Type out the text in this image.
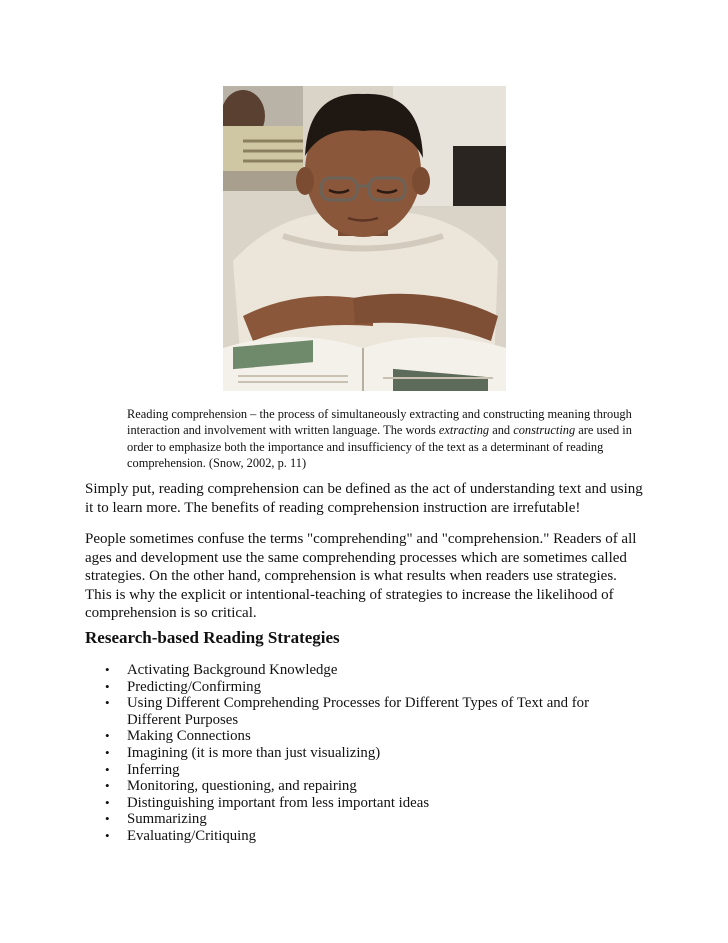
Reading comprehension – the process of simultaneously extracting and constructing meaning through interaction and involvement with written language. The words extracting and constructing are used in order to emphasize both the importance and insufficiency of the text as a determinant of reading comprehension. (Snow, 2002, p. 11)

Simply put, reading comprehension can be defined as the act of understanding text and using it to learn more. The benefits of reading comprehension instruction are irrefutable!

People sometimes confuse the terms "comprehending" and "comprehension." Readers of all ages and development use the same comprehending processes which are sometimes called strategies. On the other hand, comprehension is what results when readers use strategies. This is why the explicit or intentional-teaching of strategies to increase the likelihood of comprehension is so critical.

Research-based Reading Strategies
• Activating Background Knowledge
• Predicting/Confirming
• Using Different Comprehending Processes for Different Types of Text and for Different Purposes
• Making Connections
• Imagining (it is more than just visualizing)
• Inferring
• Monitoring, questioning, and repairing
• Distinguishing important from less important ideas
• Summarizing
• Evaluating/Critiquing
